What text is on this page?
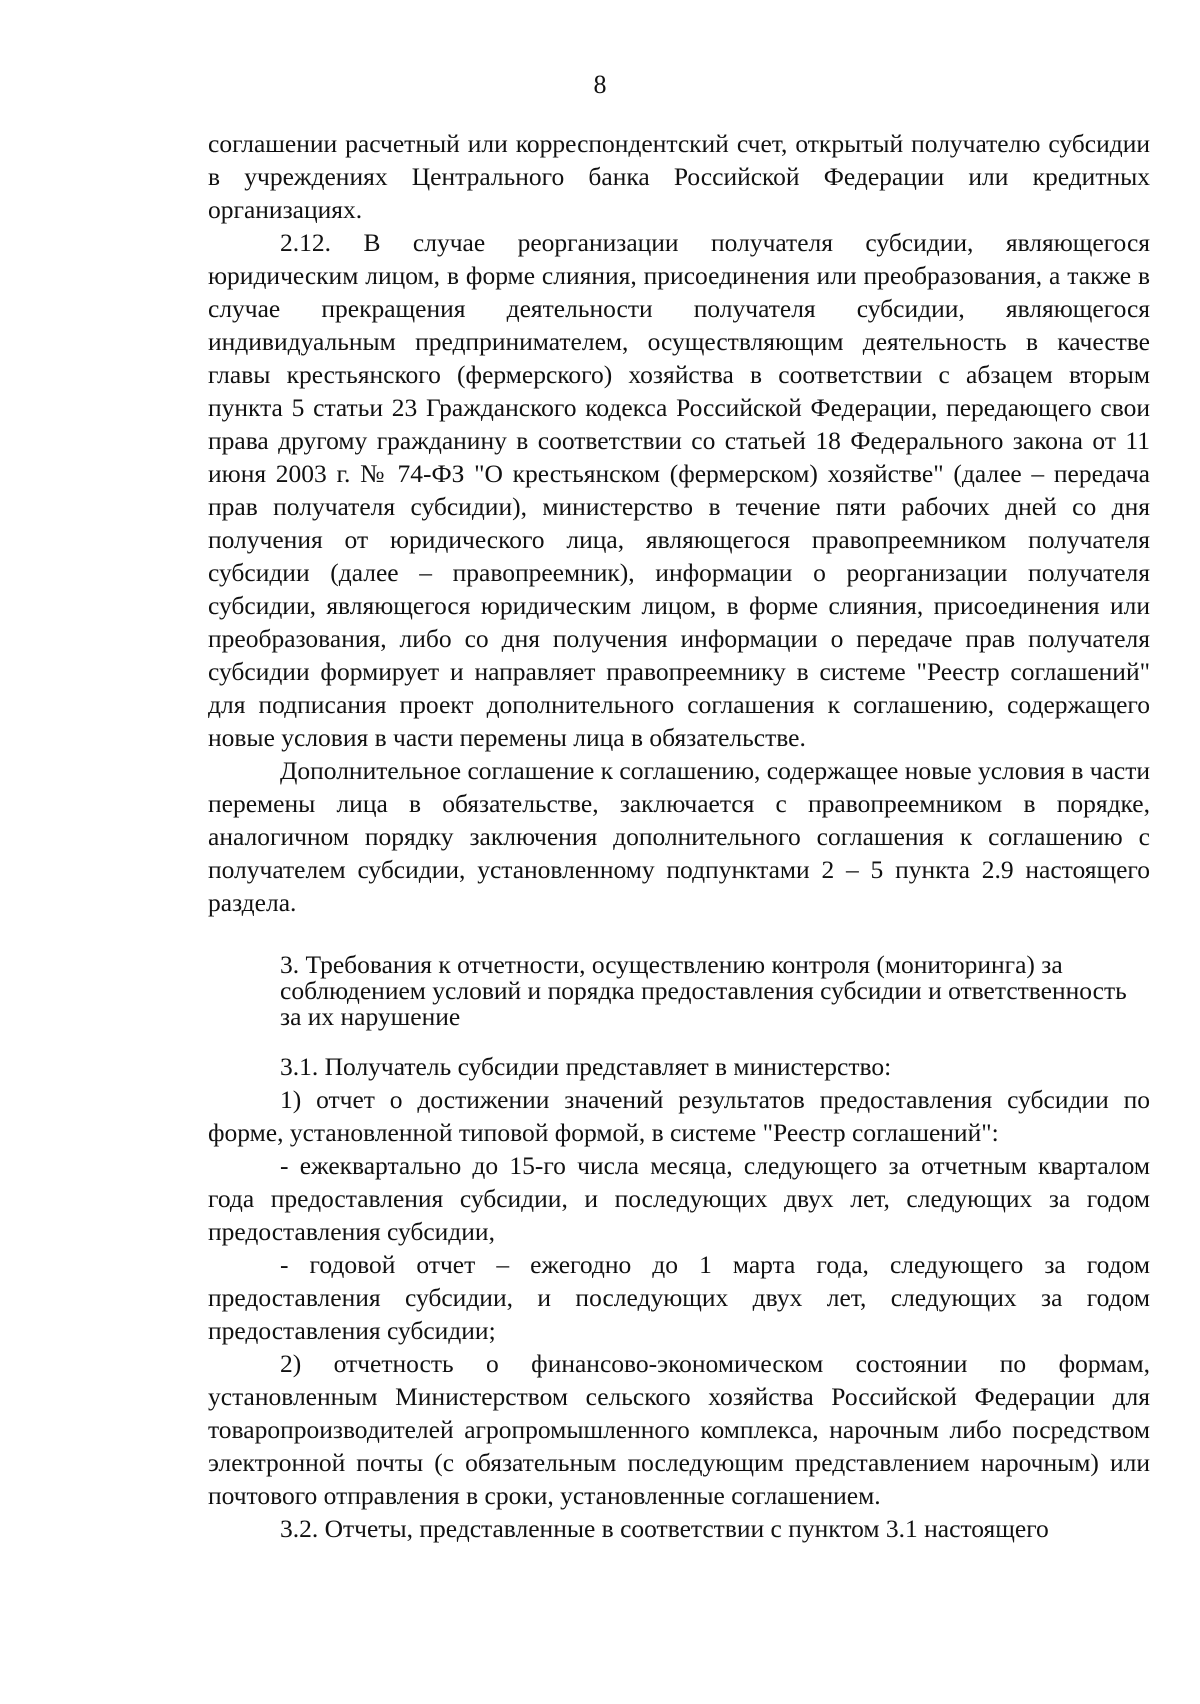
8

соглашении расчетный или корреспондентский счет, открытый получателю субсидии в учреждениях Центрального банка Российской Федерации или кредитных организациях.

2.12. В случае реорганизации получателя субсидии, являющегося юридическим лицом, в форме слияния, присоединения или преобразования, а также в случае прекращения деятельности получателя субсидии, являющегося индивидуальным предпринимателем, осуществляющим деятельность в качестве главы крестьянского (фермерского) хозяйства в соответствии с абзацем вторым пункта 5 статьи 23 Гражданского кодекса Российской Федерации, передающего свои права другому гражданину в соответствии со статьей 18 Федерального закона от 11 июня 2003 г. № 74-ФЗ "О крестьянском (фермерском) хозяйстве" (далее – передача прав получателя субсидии), министерство в течение пяти рабочих дней со дня получения от юридического лица, являющегося правопреемником получателя субсидии (далее – правопреемник), информации о реорганизации получателя субсидии, являющегося юридическим лицом, в форме слияния, присоединения или преобразования, либо со дня получения информации о передаче прав получателя субсидии формирует и направляет правопреемнику в системе "Реестр соглашений" для подписания проект дополнительного соглашения к соглашению, содержащего новые условия в части перемены лица в обязательстве.

Дополнительное соглашение к соглашению, содержащее новые условия в части перемены лица в обязательстве, заключается с правопреемником в порядке, аналогичном порядку заключения дополнительного соглашения к соглашению с получателем субсидии, установленному подпунктами 2 – 5 пункта 2.9 настоящего раздела.

3. Требования к отчетности, осуществлению контроля (мониторинга) за соблюдением условий и порядка предоставления субсидии и ответственность за их нарушение

3.1. Получатель субсидии представляет в министерство:

1) отчет о достижении значений результатов предоставления субсидии по форме, установленной типовой формой, в системе "Реестр соглашений":

- ежеквартально до 15-го числа месяца, следующего за отчетным кварталом года предоставления субсидии, и последующих двух лет, следующих за годом предоставления субсидии,

- годовой отчет – ежегодно до 1 марта года, следующего за годом предоставления субсидии, и последующих двух лет, следующих за годом предоставления субсидии;

2) отчетность о финансово-экономическом состоянии по формам, установленным Министерством сельского хозяйства Российской Федерации для товаропроизводителей агропромышленного комплекса, нарочным либо посредством электронной почты (с обязательным последующим представлением нарочным) или почтового отправления в сроки, установленные соглашением.

3.2. Отчеты, представленные в соответствии с пунктом 3.1 настоящего
